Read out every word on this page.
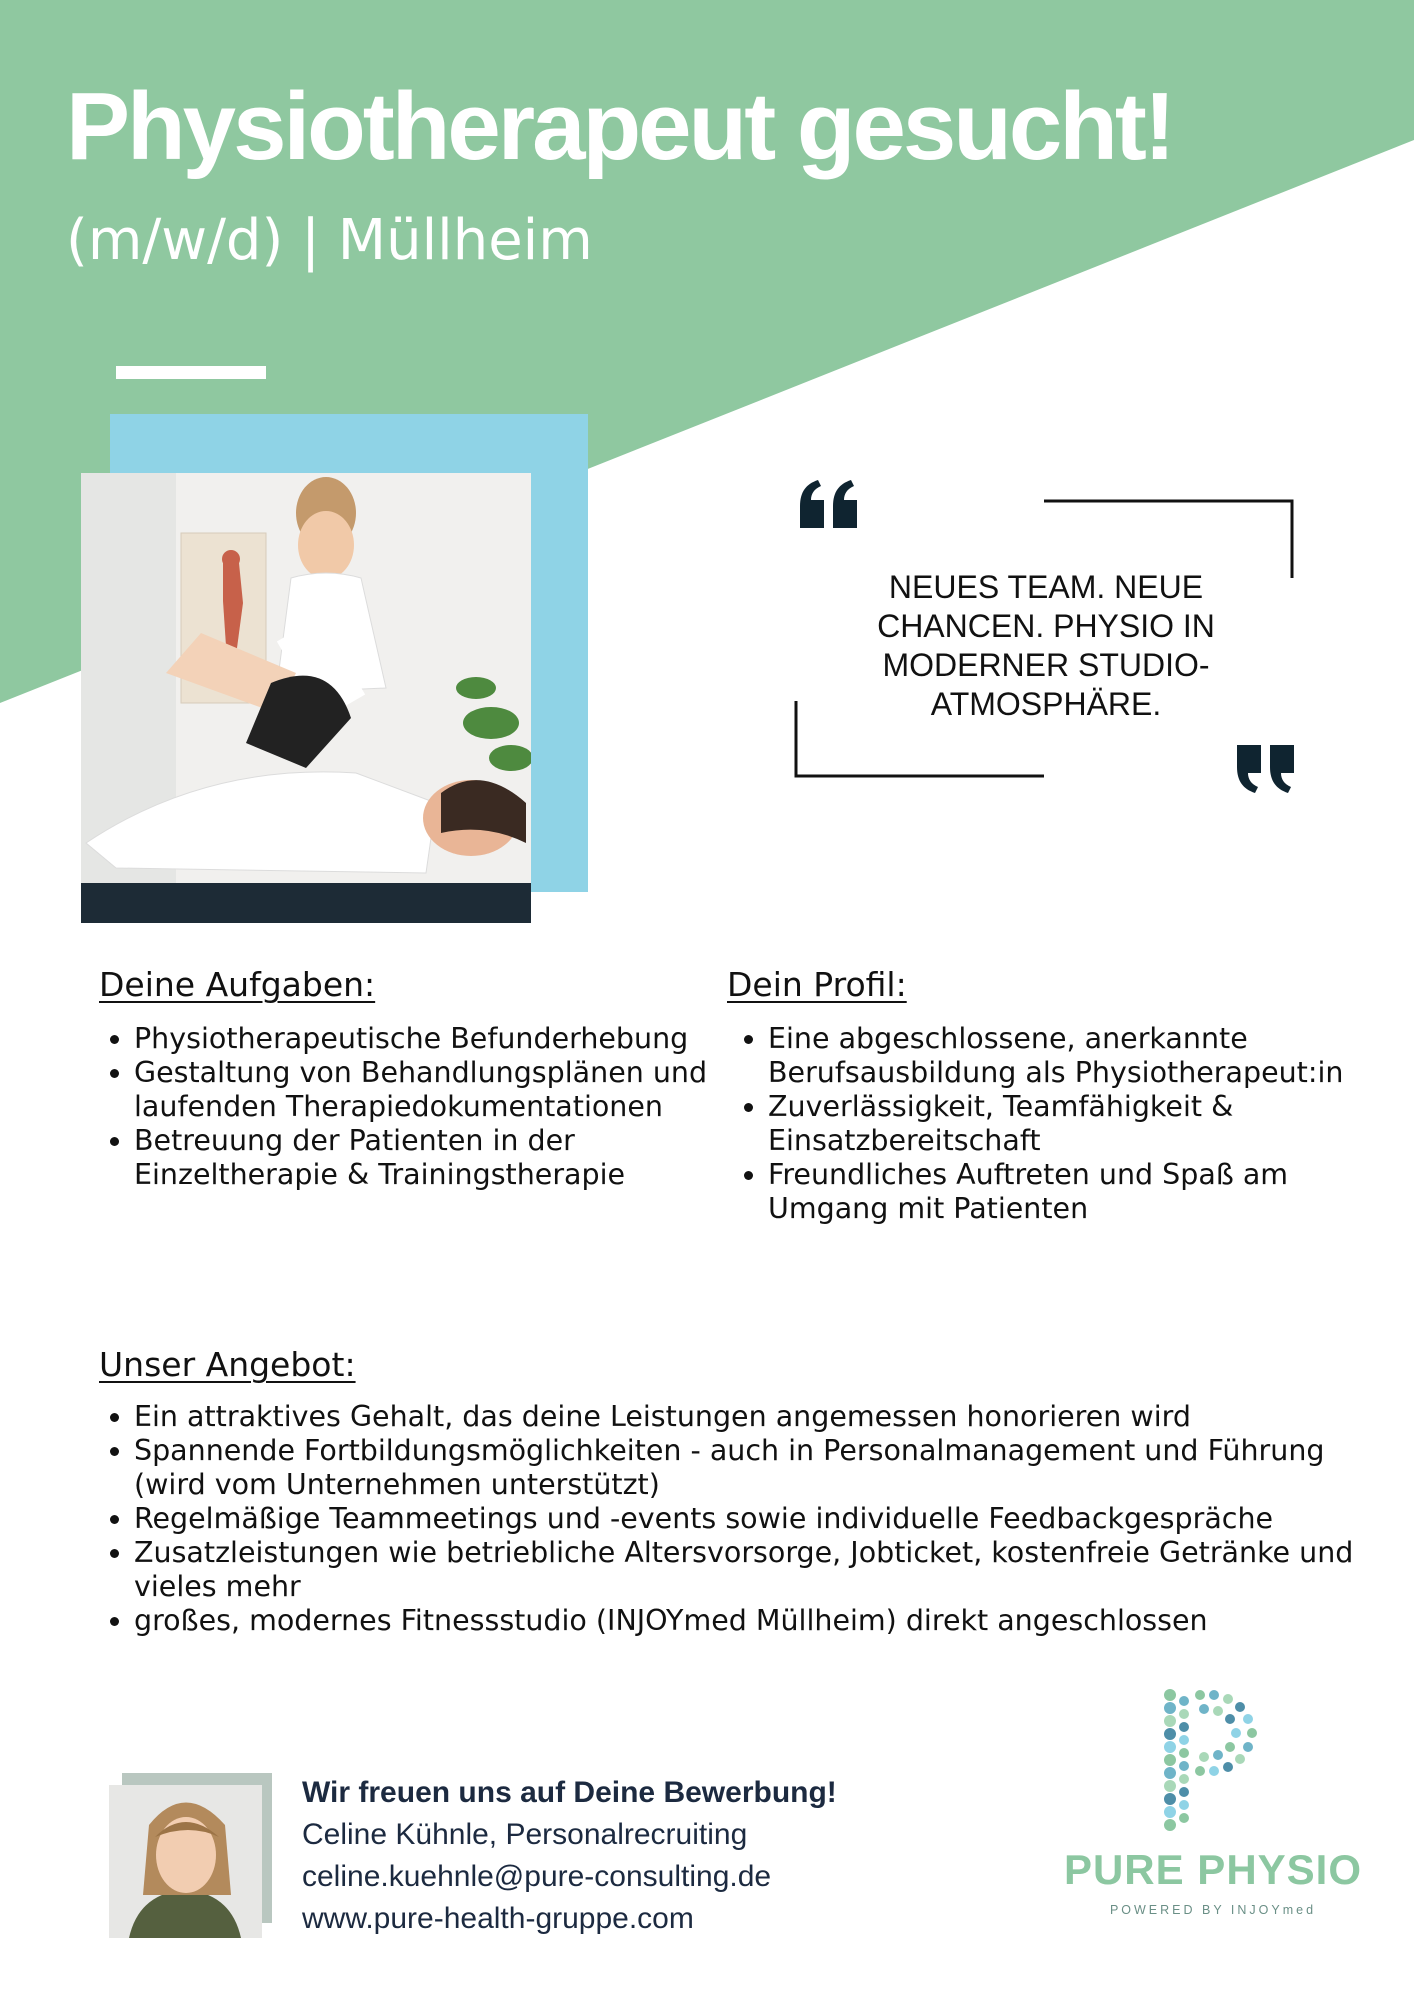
Physiotherapeut gesucht!
(m/w/d) | Müllheim

NEUES TEAM. NEUE CHANCEN. PHYSIO IN MODERNER STUDIO-ATMOSPHÄRE.

Deine Aufgaben:
• Physiotherapeutische Befunderhebung
• Gestaltung von Behandlungsplänen und laufenden Therapiedokumentationen
• Betreuung der Patienten in der Einzeltherapie & Trainingstherapie
Dein Profil:
• Eine abgeschlossene, anerkannte Berufsausbildung als Physiotherapeut:in
• Zuverlässigkeit, Teamfähigkeit & Einsatzbereitschaft
• Freundliches Auftreten und Spaß am Umgang mit Patienten
Unser Angebot:
• Ein attraktives Gehalt, das deine Leistungen angemessen honorieren wird
• Spannende Fortbildungsmöglichkeiten - auch in Personalmanagement und Führung (wird vom Unternehmen unterstützt)
• Regelmäßige Teammeetings und -events sowie individuelle Feedbackgespräche
• Zusatzleistungen wie betriebliche Altersvorsorge, Jobticket, kostenfreie Getränke und vieles mehr
• großes, modernes Fitnessstudio (INJOYmed Müllheim) direkt angeschlossen
Wir freuen uns auf Deine Bewerbung!
Celine Kühnle, Personalrecruiting
celine.kuehnle@pure-consulting.de
www.pure-health-gruppe.com
PURE PHYSIO
POWERED BY INJOYmed
